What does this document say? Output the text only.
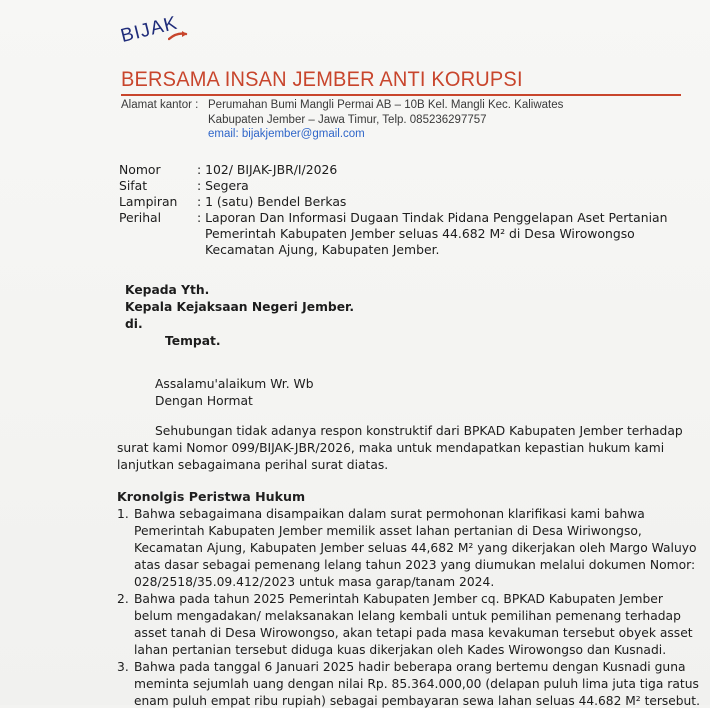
BIJAK
BERSAMA INSAN JEMBER ANTI KORUPSI
Alamat kantor : Perumahan Bumi Mangli Permai AB – 10B Kel. Mangli Kec. Kaliwates
Kabupaten Jember – Jawa Timur, Telp. 085236297757
email: bijakjember@gmail.com
Nomor	: 102/ BIJAK-JBR/I/2026
Sifat	: Segera
Lampiran : 1 (satu) Bendel Berkas
Perihal	: Laporan Dan Informasi Dugaan Tindak Pidana Penggelapan Aset Pertanian
Pemerintah Kabupaten Jember seluas 44.682 M² di Desa Wirowongso
Kecamatan Ajung, Kabupaten Jember.
Kepada Yth.
Kepala Kejaksaan Negeri Jember.
di.
Tempat.
Assalamu'alaikum Wr. Wb
Dengan Hormat
Sehubungan tidak adanya respon konstruktif dari BPKAD Kabupaten Jember terhadap
surat kami Nomor 099/BIJAK-JBR/2026, maka untuk mendapatkan kepastian hukum kami
lanjutkan sebagaimana perihal surat diatas.
Kronolgis Peristwa Hukum
1. Bahwa sebagaimana disampaikan dalam surat permohonan klarifikasi kami bahwa
Pemerintah Kabupaten Jember memilik asset lahan pertanian di Desa Wiriwongso,
Kecamatan Ajung, Kabupaten Jember seluas 44,682 M² yang dikerjakan oleh Margo Waluyo
atas dasar sebagai pemenang lelang tahun 2023 yang diumukan melalui dokumen Nomor:
028/2518/35.09.412/2023 untuk masa garap/tanam 2024.
2. Bahwa pada tahun 2025 Pemerintah Kabupaten Jember cq. BPKAD Kabupaten Jember
belum mengadakan/ melaksanakan lelang kembali untuk pemilihan pemenang terhadap
asset tanah di Desa Wirowongso, akan tetapi pada masa kevakuman tersebut obyek asset
lahan pertanian tersebut diduga kuas dikerjakan oleh Kades Wirowongso dan Kusnadi.
3. Bahwa pada tanggal 6 Januari 2025 hadir beberapa orang bertemu dengan Kusnadi guna
meminta sejumlah uang dengan nilai Rp. 85.364.000,00 (delapan puluh lima juta tiga ratus
enam puluh empat ribu rupiah) sebagai pembayaran sewa lahan seluas 44.682 M² tersebut.
